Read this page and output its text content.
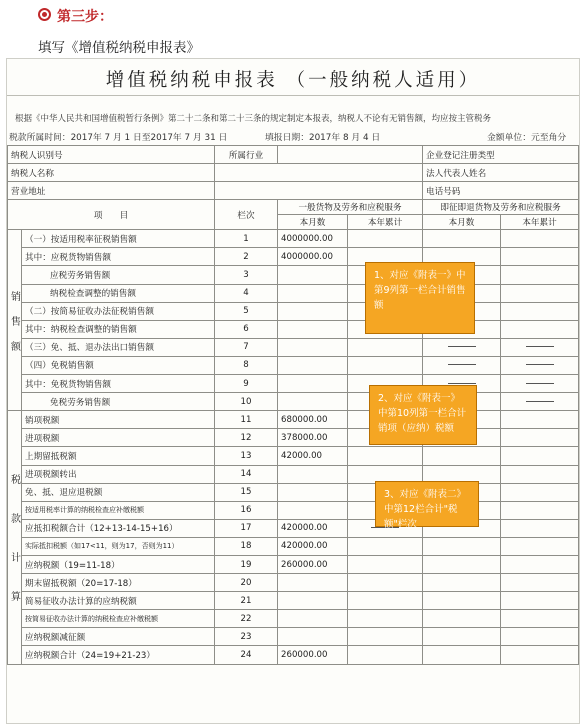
第三步：
填写《增值税纳税申报表》
增值税纳税申报表 （一般纳税人适用）
根据《中华人民共和国增值税暂行条例》第二十二条和第二十三条的规定制定本报表，纳税人不论有无销售额，均应按主管税务
税款所属时间：2017年 7 月 1 日至2017年 7 月 31 日	填报日期：2017年 8 月 4 日	金额单位：元至角分
纳税人识别号		所属行业			企业登记注册类型	
纳税人名称					法人代表人姓名	
营业地址					电话号码	
项　　目		栏次	一般货物及劳务和应税服务		即征即退货物及劳务和应税服务	
			本月数	本年累计	本月数	本年累计

销
售
额	（一）按适用税率征税销售额	1	4000000.00			
	其中：应税货物销售额	2	4000000.00			
	应税劳务销售额	3				
	纳税检查调整的销售额	4				
	（二）按简易征收办法征税销售额	5				
	其中：纳税检查调整的销售额	6				
	（三）免、抵、退办法出口销售额	7				
	（四）免税销售额	8				
	其中：免税货物销售额	9				
	免税劳务销售额	10				

税
款
计
算	销项税额	11	680000.00			
	进项税额	12	378000.00			
	上期留抵税额	13	42000.00			
	进项税额转出	14				
	免、抵、退应退税额	15				
	按适用税率计算的纳税检查应补缴税额	16				
	应抵扣税额合计（12+13-14-15+16）	17	420000.00			
	实际抵扣税额（如17<11，则为17，否则为11）	18	420000.00			
	应纳税额（19=11-18）	19	260000.00			
	期末留抵税额（20=17-18）	20				
	简易征收办法计算的应纳税额	21				
	按简易征收办法计算的纳税检查应补缴税额	22				
	应纳税额减征额	23				
	应纳税额合计（24=19+21-23）	24	260000.00			
1、对应《附表一》中第9列第一栏合计销售额
2、对应《附表一》中第10列第一栏合计销项（应纳）税额
3、对应《附表二》中第12栏合计"税额"栏次
